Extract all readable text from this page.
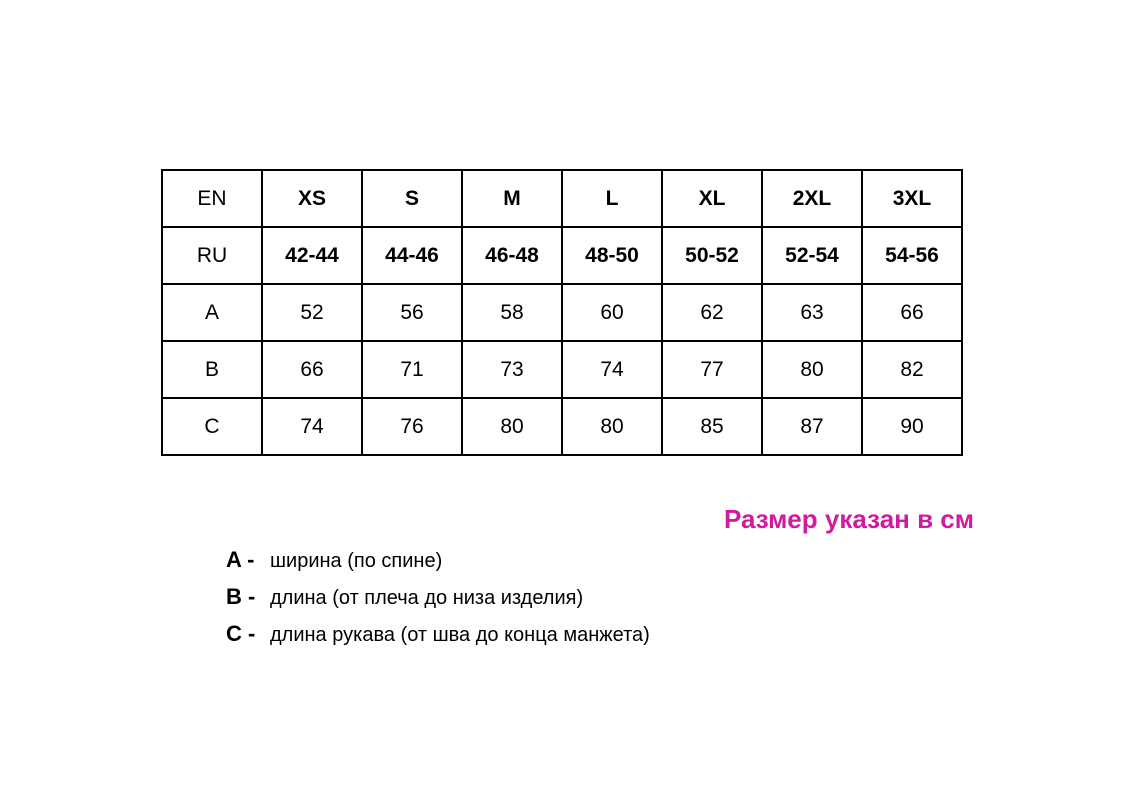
EN	XS	S	M	L	XL	2XL	3XL
RU	42-44	44-46	46-48	48-50	50-52	52-54	54-56
A	52	56	58	60	62	63	66
B	66	71	73	74	77	80	82
C	74	76	80	80	85	87	90
Размер указан в см
A - ширина (по спине)
B - длина (от плеча до низа изделия)
C - длина рукава (от шва до конца манжета)
